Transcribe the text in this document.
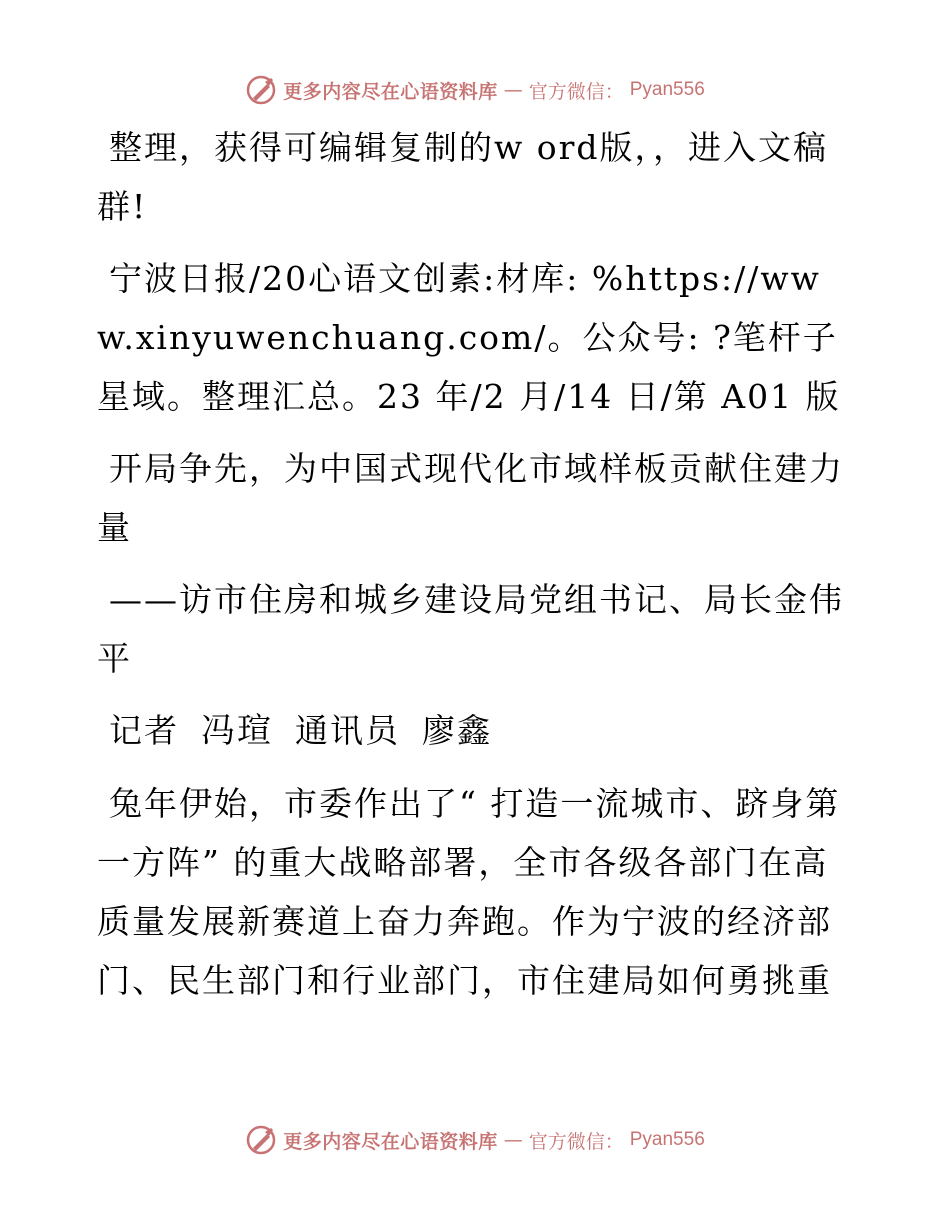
更多内容尽在心语资料库 — 官方微信： Pyan556

整理，获得可编辑复制的w ord版，，进入文稿群!

宁波日报/20心语文创素:材库: %https://www.xinyuwenchuang.com/。公众号: ?笔杆子星域。整理汇总。23 年/2 月/14 日/第 A01 版

开局争先，为中国式现代化市域样板贡献住建力量

——访市住房和城乡建设局党组书记、局长金伟平

记者 冯瑄 通讯员 廖鑫

兔年伊始，市委作出了“ 打造一流城市、跻身第一方阵” 的重大战略部署，全市各级各部门在高质量发展新赛道上奋力奔跑。作为宁波的经济部门、民生部门和行业部门，市住建局如何勇挑重

更多内容尽在心语资料库 — 官方微信： Pyan556
